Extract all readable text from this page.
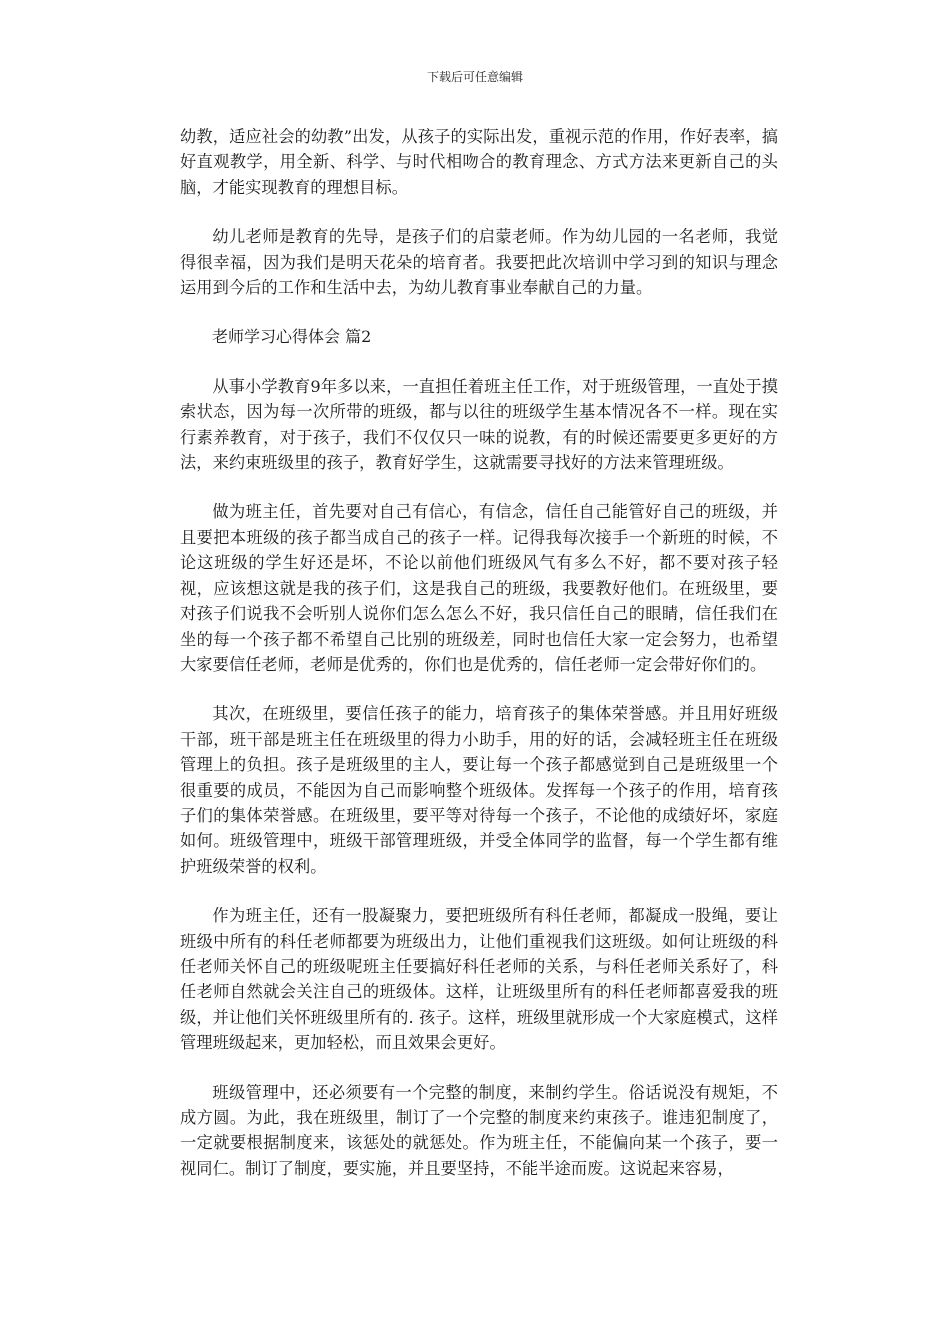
下载后可任意编辑

幼教，适应社会的幼教”出发，从孩子的实际出发，重视示范的作用，作好表率，搞好直观教学，用全新、科学、与时代相吻合的教育理念、方式方法来更新自己的头脑，才能实现教育的理想目标。

幼儿老师是教育的先导，是孩子们的启蒙老师。作为幼儿园的一名老师，我觉得很幸福，因为我们是明天花朵的培育者。我要把此次培训中学习到的知识与理念运用到今后的工作和生活中去，为幼儿教育事业奉献自己的力量。

老师学习心得体会 篇2

从事小学教育9年多以来，一直担任着班主任工作，对于班级管理，一直处于摸索状态，因为每一次所带的班级，都与以往的班级学生基本情况各不一样。现在实行素养教育，对于孩子，我们不仅仅只一味的说教，有的时候还需要更多更好的方法，来约束班级里的孩子，教育好学生，这就需要寻找好的方法来管理班级。

做为班主任，首先要对自己有信心，有信念，信任自己能管好自己的班级，并且要把本班级的孩子都当成自己的孩子一样。记得我每次接手一个新班的时候，不论这班级的学生好还是坏，不论以前他们班级风气有多么不好，都不要对孩子轻视，应该想这就是我的孩子们，这是我自己的班级，我要教好他们。在班级里，要对孩子们说我不会听别人说你们怎么怎么不好，我只信任自己的眼睛，信任我们在坐的每一个孩子都不希望自己比别的班级差，同时也信任大家一定会努力，也希望大家要信任老师，老师是优秀的，你们也是优秀的，信任老师一定会带好你们的。

其次，在班级里，要信任孩子的能力，培育孩子的集体荣誉感。并且用好班级干部，班干部是班主任在班级里的得力小助手，用的好的话，会减轻班主任在班级管理上的负担。孩子是班级里的主人，要让每一个孩子都感觉到自己是班级里一个很重要的成员，不能因为自己而影响整个班级体。发挥每一个孩子的作用，培育孩子们的集体荣誉感。在班级里，要平等对待每一个孩子，不论他的成绩好坏，家庭如何。班级管理中，班级干部管理班级，并受全体同学的监督，每一个学生都有维护班级荣誉的权利。

作为班主任，还有一股凝聚力，要把班级所有科任老师，都凝成一股绳，要让班级中所有的科任老师都要为班级出力，让他们重视我们这班级。如何让班级的科任老师关怀自己的班级呢班主任要搞好科任老师的关系，与科任老师关系好了，科任老师自然就会关注自己的班级体。这样，让班级里所有的科任老师都喜爱我的班级，并让他们关怀班级里所有的. 孩子。这样，班级里就形成一个大家庭模式，这样管理班级起来，更加轻松，而且效果会更好。

班级管理中，还必须要有一个完整的制度，来制约学生。俗话说没有规矩，不成方圆。为此，我在班级里，制订了一个完整的制度来约束孩子。谁违犯制度了，一定就要根据制度来，该惩处的就惩处。作为班主任，不能偏向某一个孩子，要一视同仁。制订了制度，要实施，并且要坚持，不能半途而废。这说起来容易，
